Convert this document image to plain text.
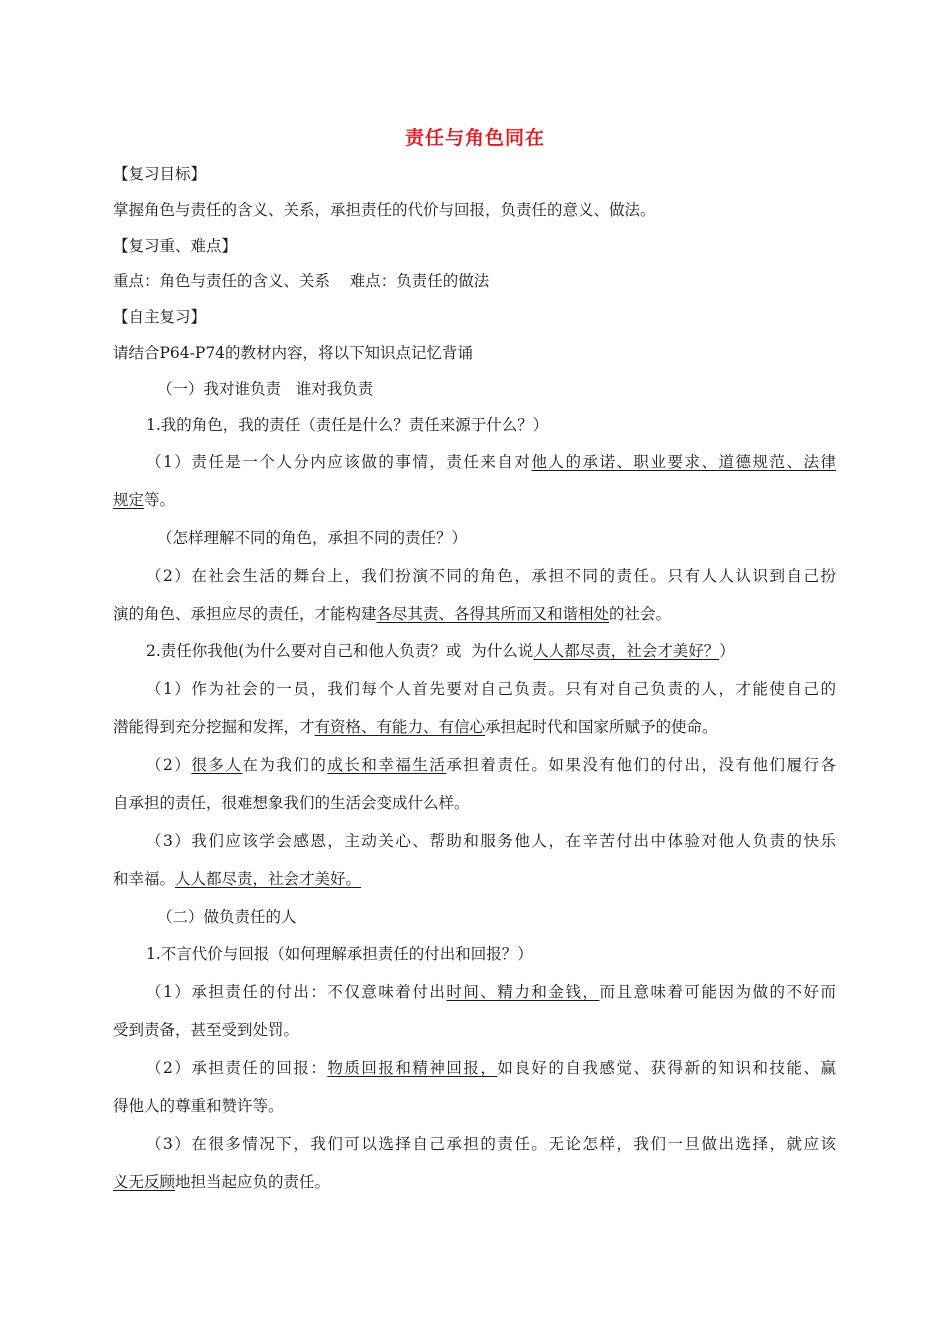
责任与角色同在
【复习目标】
掌握角色与责任的含义、关系，承担责任的代价与回报，负责任的意义、做法。
【复习重、难点】
重点：角色与责任的含义、关系    难点：负责任的做法
【自主复习】
请结合P64-P74的教材内容，将以下知识点记忆背诵
（一）我对谁负责   谁对我负责
1.我的角色，我的责任（责任是什么？责任来源于什么？）
（1）责任是一个人分内应该做的事情，责任来自对他人的承诺、职业要求、道德规范、法律
规定等。
（怎样理解不同的角色，承担不同的责任？）
（2）在社会生活的舞台上，我们扮演不同的角色，承担不同的责任。只有人人认识到自己扮
演的角色、承担应尽的责任，才能构建各尽其责、各得其所而又和谐相处的社会。
2.责任你我他(为什么要对自己和他人负责？或  为什么说人人都尽责，社会才美好？）
（1）作为社会的一员，我们每个人首先要对自己负责。只有对自己负责的人，才能使自己的
潜能得到充分挖掘和发挥，才有资格、有能力、有信心承担起时代和国家所赋予的使命。
（2）很多人在为我们的成长和幸福生活承担着责任。如果没有他们的付出，没有他们履行各
自承担的责任，很难想象我们的生活会变成什么样。
（3）我们应该学会感恩，主动关心、帮助和服务他人，在辛苦付出中体验对他人负责的快乐
和幸福。人人都尽责，社会才美好。
（二）做负责任的人
1.不言代价与回报（如何理解承担责任的付出和回报？）
（1）承担责任的付出：不仅意味着付出时间、精力和金钱，而且意味着可能因为做的不好而
受到责备，甚至受到处罚。
（2）承担责任的回报：物质回报和精神回报，如良好的自我感觉、获得新的知识和技能、赢
得他人的尊重和赞许等。
（3）在很多情况下，我们可以选择自己承担的责任。无论怎样，我们一旦做出选择，就应该
义无反顾地担当起应负的责任。
